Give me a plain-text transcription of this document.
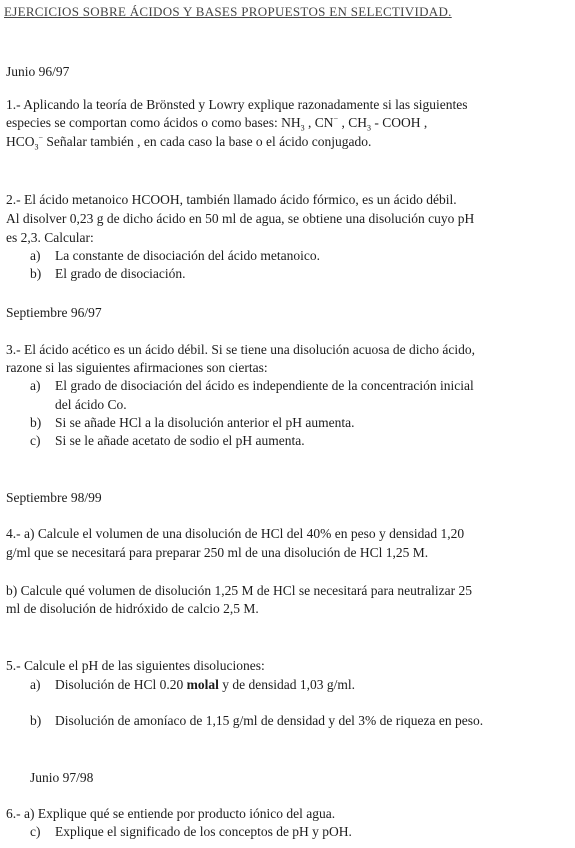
EJERCICIOS SOBRE ÁCIDOS Y BASES PROPUESTOS EN SELECTIVIDAD.
Junio 96/97
1.- Aplicando la teoría de Brönsted y Lowry explique razonadamente si las siguientes
especies se comportan como ácidos o como bases: $NH_3$ , CN− , $CH_3$ - COOH ,
$HCO_3^-$ Señalar también , en cada caso la base o el ácido conjugado.
2.- El ácido metanoico HCOOH, también llamado ácido fórmico, es un ácido débil.
Al disolver 0,23 g de dicho ácido en 50 ml de agua, se obtiene una disolución cuyo pH
es 2,3. Calcular:
a) La constante de disociación del ácido metanoico.
b) El grado de disociación.
Septiembre 96/97
3.- El ácido acético es un ácido débil. Si se tiene una disolución acuosa de dicho ácido,
razone si las siguientes afirmaciones son ciertas:
a) El grado de disociación del ácido es independiente de la concentración inicial
del ácido Co.
b) Si se añade HCl a la disolución anterior el pH aumenta.
c) Si se le añade acetato de sodio el pH aumenta.
Septiembre 98/99
4.- a) Calcule el volumen de una disolución de HCl del 40% en peso y densidad 1,20
g/ml que se necesitará para preparar 250 ml de una disolución de HCl 1,25 M.
b) Calcule qué volumen de disolución 1,25 M de HCl se necesitará para neutralizar 25
ml de disolución de hidróxido de calcio 2,5 M.
5.- Calcule el pH de las siguientes disoluciones:
a) Disolución de HCl 0.20 molal y de densidad 1,03 g/ml.
b) Disolución de amoníaco de 1,15 g/ml de densidad y del 3% de riqueza en peso.
Junio 97/98
6.- a) Explique qué se entiende por producto iónico del agua.
c) Explique el significado de los conceptos de pH y pOH.
